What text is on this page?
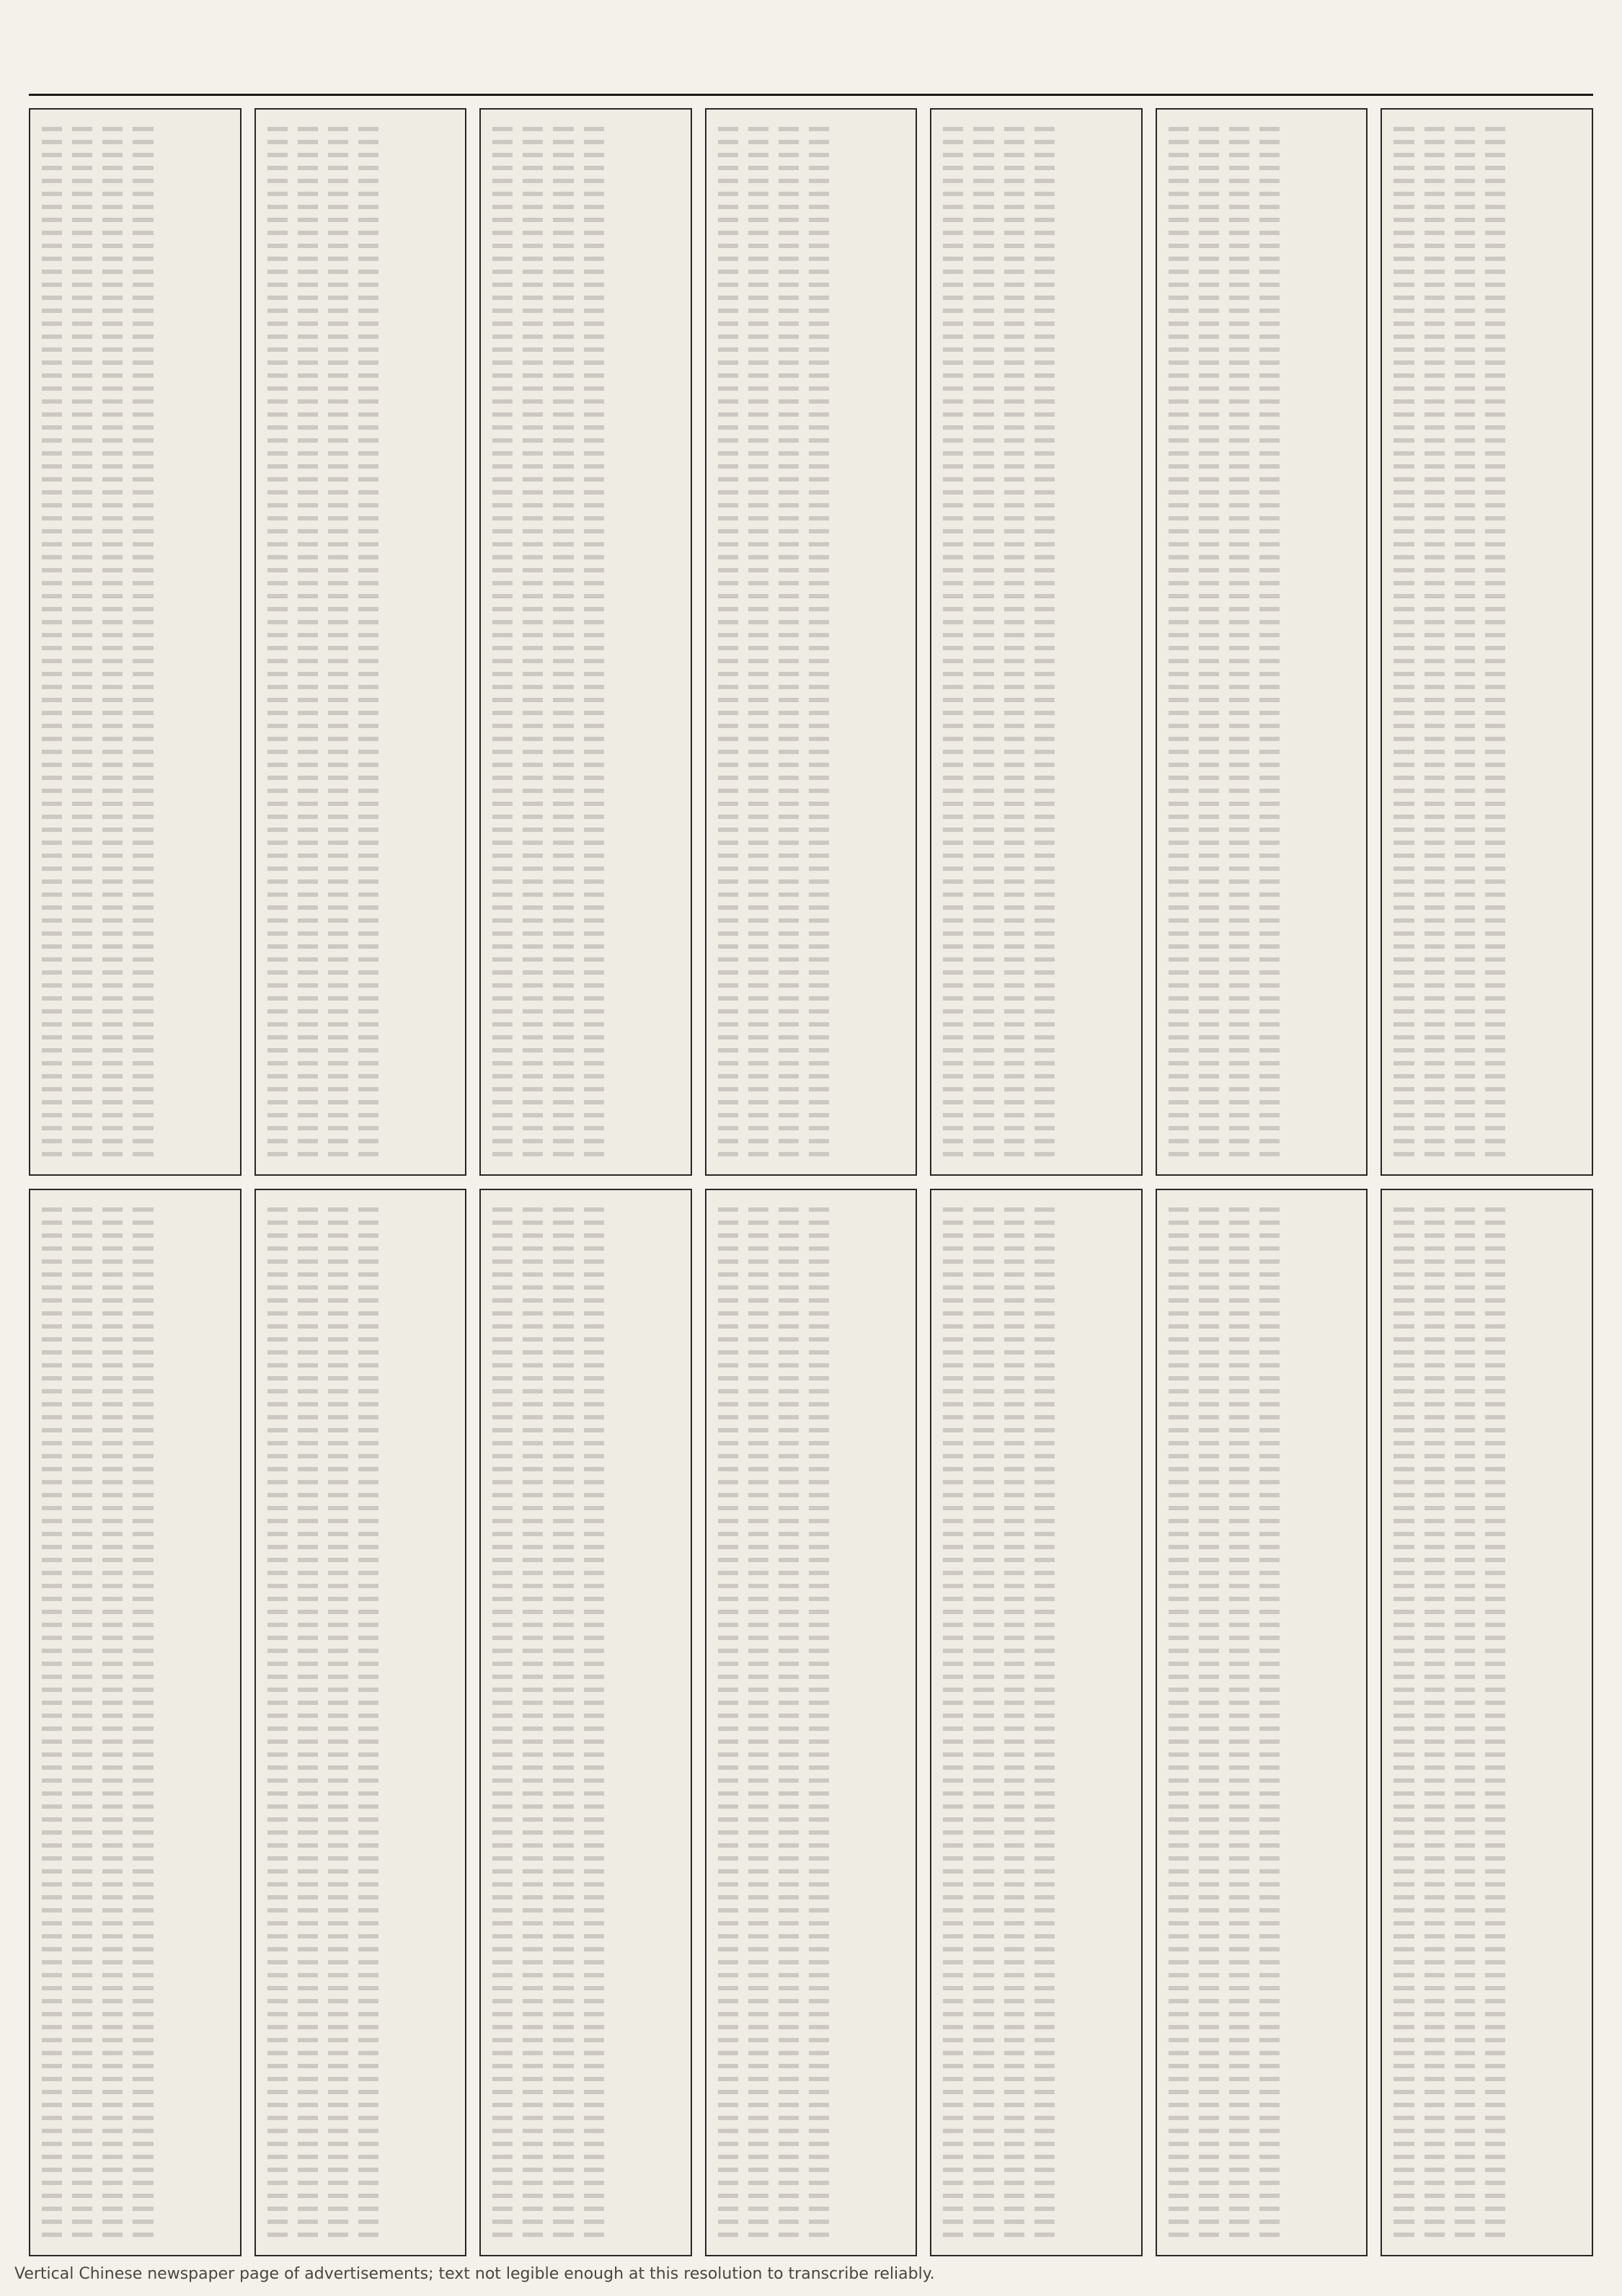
Vertical Chinese newspaper page of advertisements; text not legible enough at this resolution to transcribe reliably.
